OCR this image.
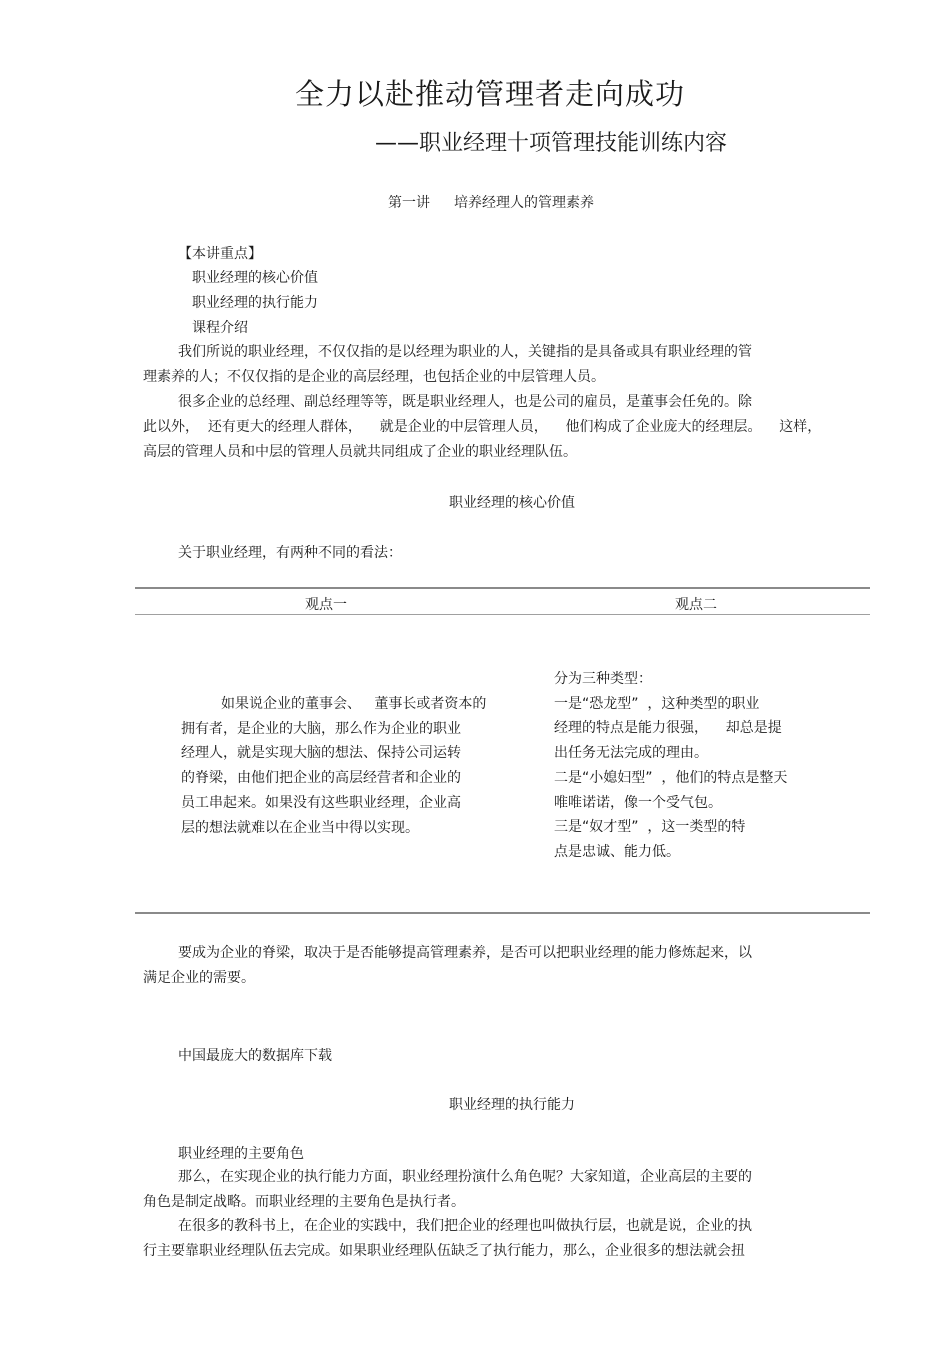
全力以赴推动管理者走向成功
——职业经理十项管理技能训练内容
第一讲 培养经理人的管理素养
【本讲重点】
职业经理的核心价值
职业经理的执行能力
课程介绍
我们所说的职业经理，不仅仅指的是以经理为职业的人，关键指的是具备或具有职业经理的管
理素养的人；不仅仅指的是企业的高层经理，也包括企业的中层管理人员。
很多企业的总经理、副总经理等等，既是职业经理人，也是公司的雇员，是董事会任免的。除
此以外，  还有更大的经理人群体，    就是企业的中层管理人员，    他们构成了企业庞大的经理层。    这样，
高层的管理人员和中层的管理人员就共同组成了企业的职业经理队伍。
职业经理的核心价值
关于职业经理，有两种不同的看法：
观点一	观点二
如果说企业的董事会、   董事长或者资本的
拥有者，是企业的大脑，那么作为企业的职业
经理人，就是实现大脑的想法、保持公司运转
的脊梁，由他们把企业的高层经营者和企业的
员工串起来。如果没有这些职业经理，企业高
层的想法就难以在企业当中得以实现。
分为三种类型：
一是“恐龙型”  ，这种类型的职业
经理的特点是能力很强，    却总是提
出任务无法完成的理由。
二是“小媳妇型”  ，他们的特点是整天
唯唯诺诺，像一个受气包。
三是“奴才型”  ，这一类型的特
点是忠诚、能力低。
要成为企业的脊梁，取决于是否能够提高管理素养，是否可以把职业经理的能力修炼起来，以
满足企业的需要。
中国最庞大的数据库下载
职业经理的执行能力
职业经理的主要角色
那么，在实现企业的执行能力方面，职业经理扮演什么角色呢？大家知道，企业高层的主要的
角色是制定战略。而职业经理的主要角色是执行者。
在很多的教科书上，在企业的实践中，我们把企业的经理也叫做执行层，也就是说，企业的执
行主要靠职业经理队伍去完成。如果职业经理队伍缺乏了执行能力，那么，企业很多的想法就会扭
